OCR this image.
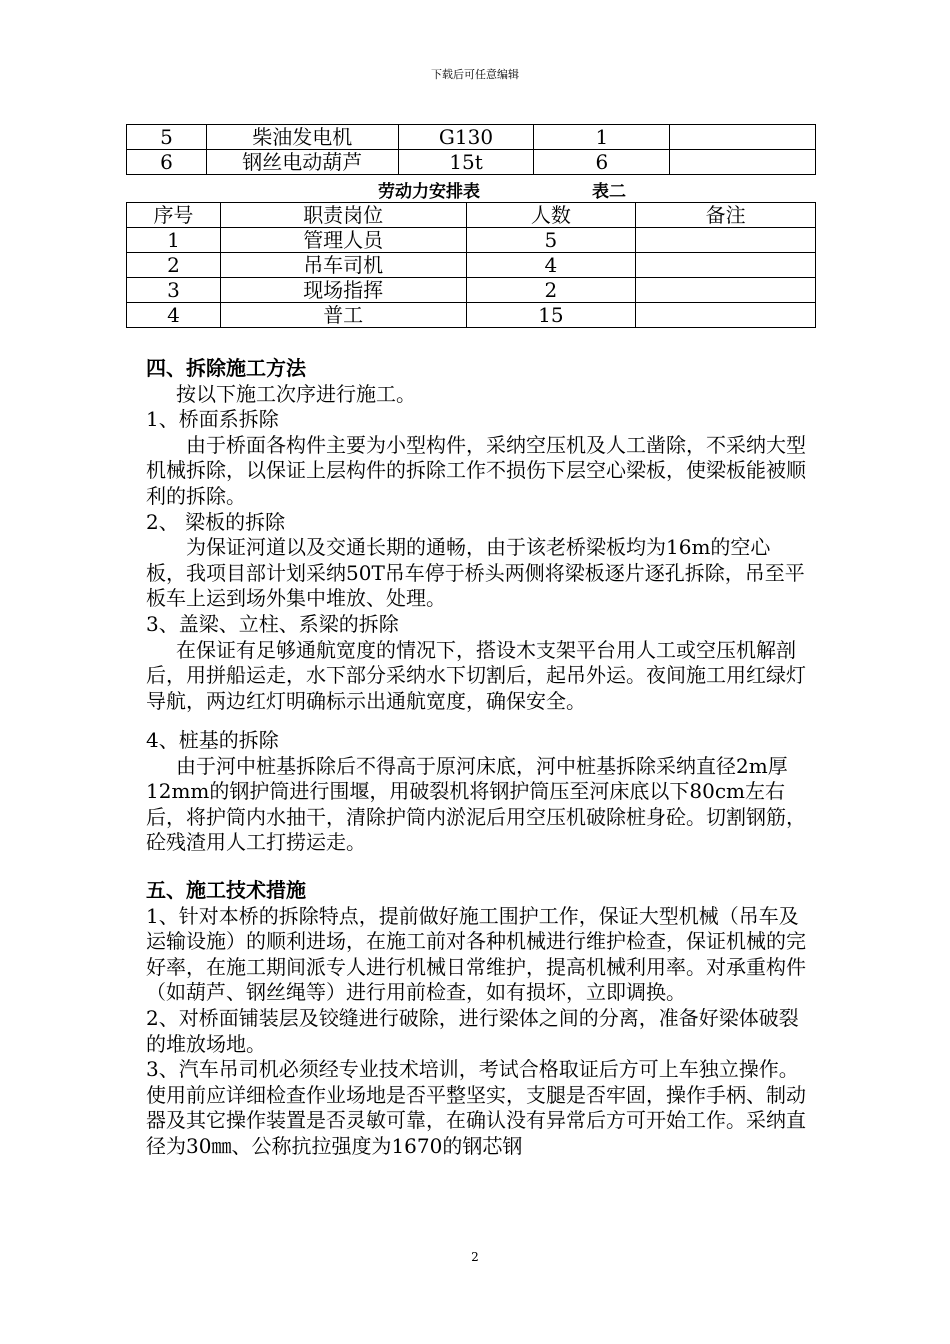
下载后可任意编辑
5	柴油发电机	G130	1	
6	钢丝电动葫芦	15t	6	
劳动力安排表	表二
序号	职责岗位	人数	备注
1	管理人员	5	
2	吊车司机	4	
3	现场指挥	2	
4	普工	15	

四、拆除施工方法

按以下施工次序进行施工。

1、桥面系拆除

由于桥面各构件主要为小型构件，采纳空压机及人工凿除，不采纳大型机械拆除，以保证上层构件的拆除工作不损伤下层空心梁板，使梁板能被顺利的拆除。

2、 梁板的拆除

为保证河道以及交通长期的通畅，由于该老桥梁板均为16m的空心板，我项目部计划采纳50T吊车停于桥头两侧将梁板逐片逐孔拆除，吊至平板车上运到场外集中堆放、处理。

3、盖梁、立柱、系梁的拆除

在保证有足够通航宽度的情况下，搭设木支架平台用人工或空压机解剖后，用拼船运走，水下部分采纳水下切割后，起吊外运。夜间施工用红绿灯导航，两边红灯明确标示出通航宽度，确保安全。

4、桩基的拆除

由于河中桩基拆除后不得高于原河床底，河中桩基拆除采纳直径2m厚12mm的钢护筒进行围堰，用破裂机将钢护筒压至河床底以下80cm左右后，将护筒内水抽干，清除护筒内淤泥后用空压机破除桩身砼。切割钢筋，砼残渣用人工打捞运走。

五、施工技术措施

1、针对本桥的拆除特点，提前做好施工围护工作，保证大型机械（吊车及运输设施）的顺利进场，在施工前对各种机械进行维护检查，保证机械的完好率，在施工期间派专人进行机械日常维护，提高机械利用率。对承重构件（如葫芦、钢丝绳等）进行用前检查，如有损坏，立即调换。

2、对桥面铺装层及铰缝进行破除，进行梁体之间的分离，准备好梁体破裂的堆放场地。

3、汽车吊司机必须经专业技术培训，考试合格取证后方可上车独立操作。使用前应详细检查作业场地是否平整坚实，支腿是否牢固，操作手柄、制动器及其它操作装置是否灵敏可靠，在确认没有异常后方可开始工作。采纳直径为30㎜、公称抗拉强度为1670的钢芯钢

2
